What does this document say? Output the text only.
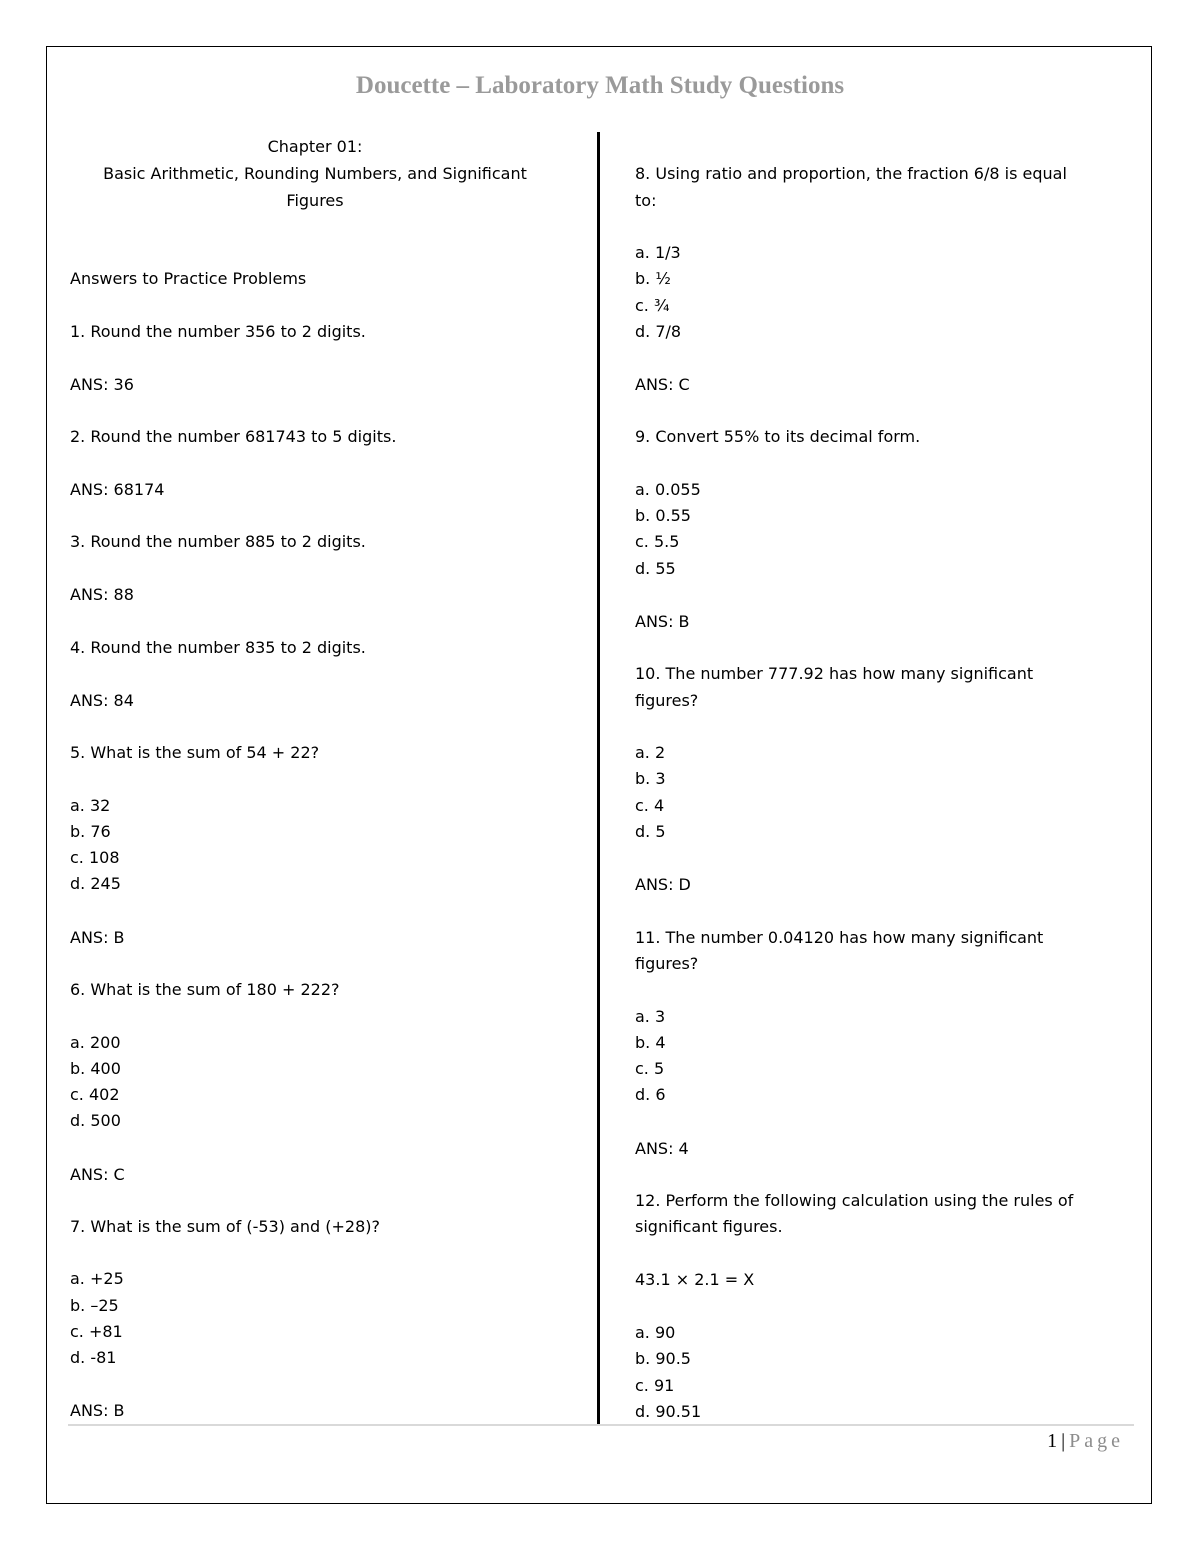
Doucette – Laboratory Math Study Questions
Chapter 01:
Basic Arithmetic, Rounding Numbers, and Significant
Figures
Answers to Practice Problems
1. Round the number 356 to 2 digits.
ANS: 36
2. Round the number 681743 to 5 digits.
ANS: 68174
3. Round the number 885 to 2 digits.
ANS: 88
4. Round the number 835 to 2 digits.
ANS: 84
5. What is the sum of 54 + 22?
a. 32
b. 76
c. 108
d. 245
ANS: B
6. What is the sum of 180 + 222?
a. 200
b. 400
c. 402
d. 500
ANS: C
7. What is the sum of (-53) and (+28)?
a. +25
b. –25
c. +81
d. -81
ANS: B
8. Using ratio and proportion, the fraction 6/8 is equal
to:
a. 1/3
b. ½
c. ¾
d. 7/8
ANS: C
9. Convert 55% to its decimal form.
a. 0.055
b. 0.55
c. 5.5
d. 55
ANS: B
10. The number 777.92 has how many significant
figures?
a. 2
b. 3
c. 4
d. 5
ANS: D
11. The number 0.04120 has how many significant
figures?
a. 3
b. 4
c. 5
d. 6
ANS: 4
12. Perform the following calculation using the rules of
significant figures.
43.1 × 2.1 = X
a. 90
b. 90.5
c. 91
d. 90.51
1 | Page
